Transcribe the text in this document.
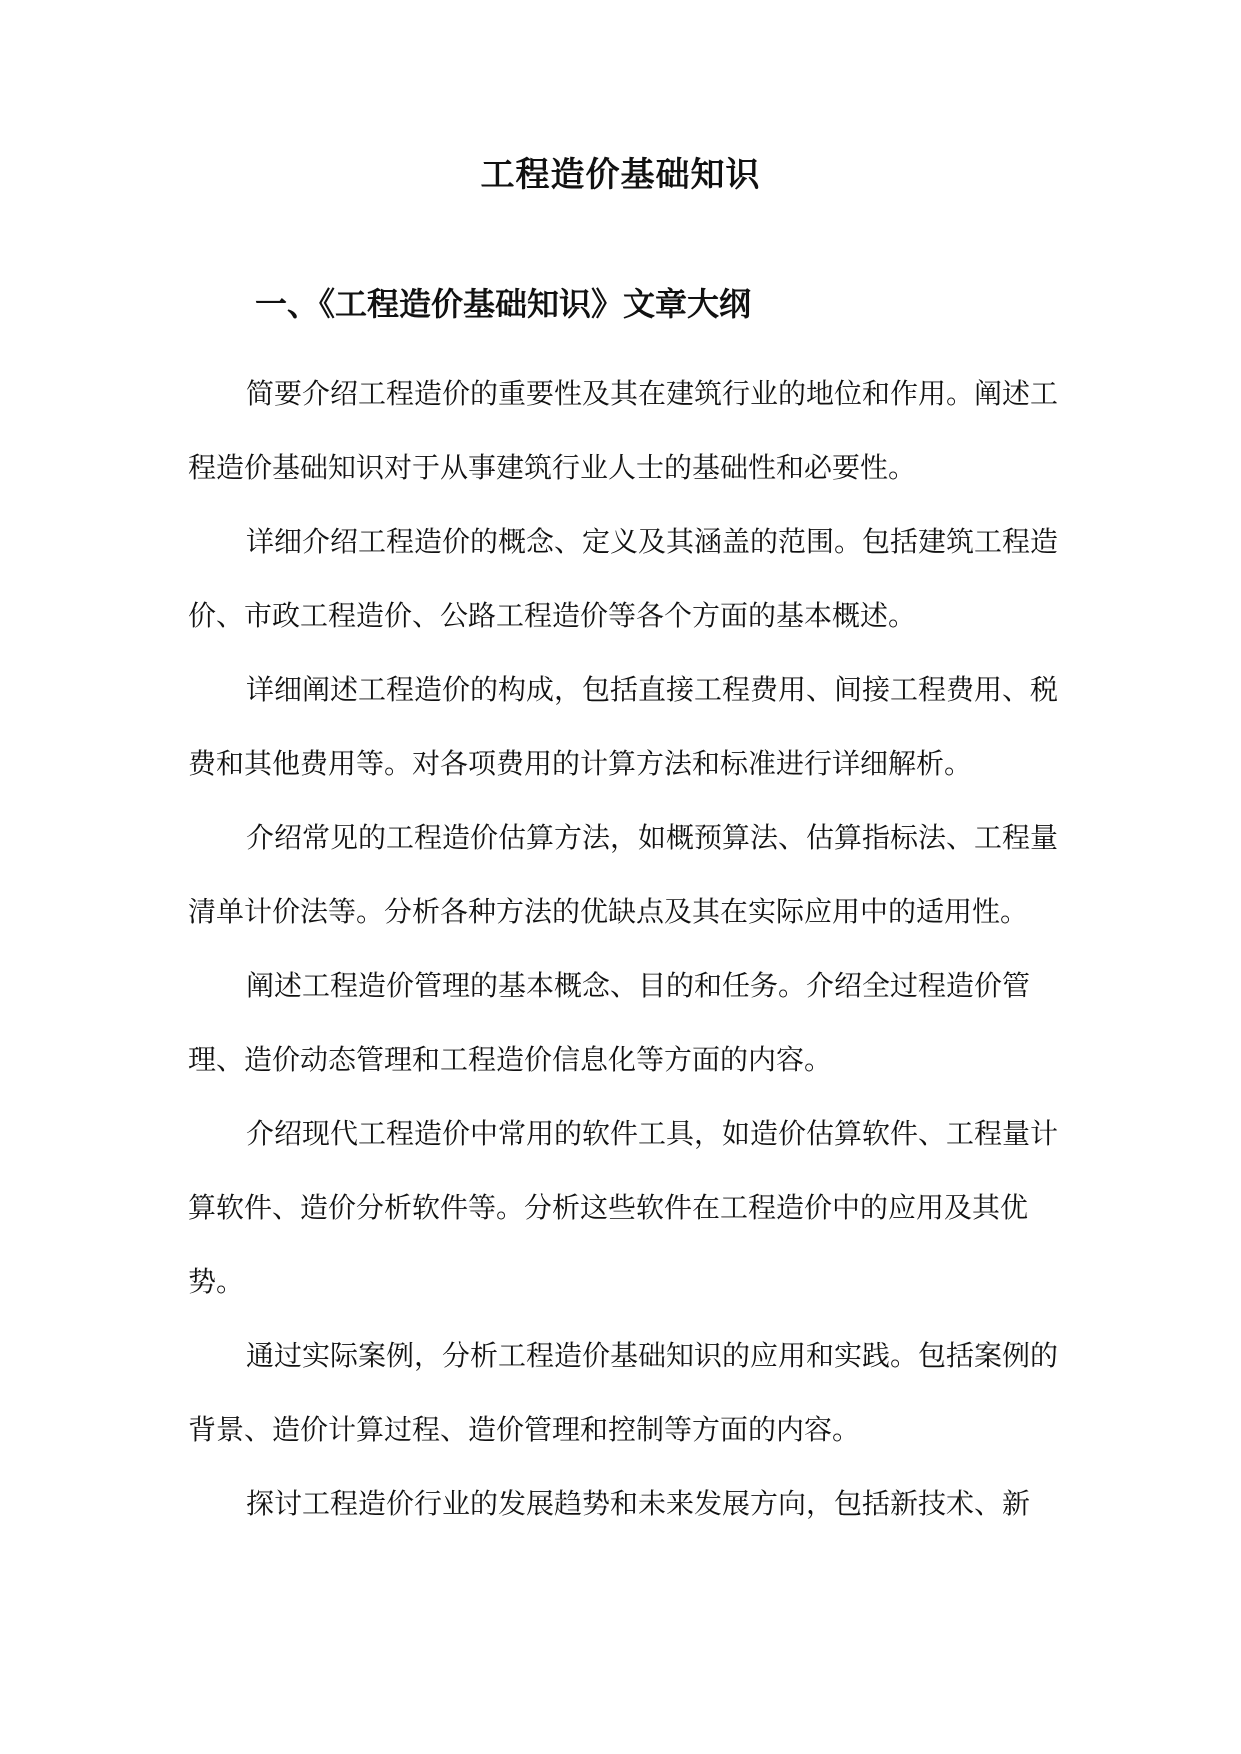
工程造价基础知识
一、《工程造价基础知识》文章大纲

简要介绍工程造价的重要性及其在建筑行业的地位和作用。阐述工程造价基础知识对于从事建筑行业人士的基础性和必要性。

详细介绍工程造价的概念、定义及其涵盖的范围。包括建筑工程造价、市政工程造价、公路工程造价等各个方面的基本概述。

详细阐述工程造价的构成，包括直接工程费用、间接工程费用、税费和其他费用等。对各项费用的计算方法和标准进行详细解析。

介绍常见的工程造价估算方法，如概预算法、估算指标法、工程量清单计价法等。分析各种方法的优缺点及其在实际应用中的适用性。

阐述工程造价管理的基本概念、目的和任务。介绍全过程造价管理、造价动态管理和工程造价信息化等方面的内容。

介绍现代工程造价中常用的软件工具，如造价估算软件、工程量计算软件、造价分析软件等。分析这些软件在工程造价中的应用及其优势。

通过实际案例，分析工程造价基础知识的应用和实践。包括案例的背景、造价计算过程、造价管理和控制等方面的内容。

探讨工程造价行业的发展趋势和未来发展方向，包括新技术、新
